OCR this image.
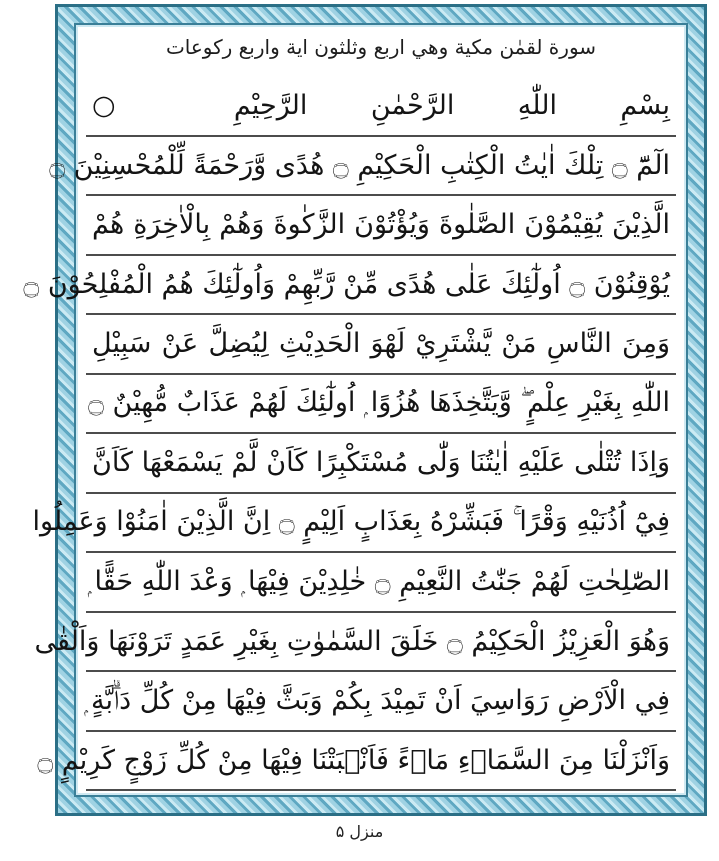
سورة لقمٰن مكية وهي اربع وثلثون اية واربع ركوعات
بِسْمِ اللّٰهِ الرَّحْمٰنِ الرَّحِيْمِ ○
الٓمّٓ ۝ تِلْكَ اٰيٰتُ الْكِتٰبِ الْحَكِيْمِ ۝ هُدًى وَّرَحْمَةً لِّلْمُحْسِنِيْنَ ۝
الَّذِيْنَ يُقِيْمُوْنَ الصَّلٰوةَ وَيُؤْتُوْنَ الزَّكٰوةَ وَهُمْ بِالْاٰخِرَةِ هُمْ
يُوْقِنُوْنَ ۝ اُولٰٓئِكَ عَلٰى هُدًى مِّنْ رَّبِّهِمْ وَاُولٰٓئِكَ هُمُ الْمُفْلِحُوْنَ ۝
وَمِنَ النَّاسِ مَنْ يَّشْتَرِيْ لَهْوَ الْحَدِيْثِ لِيُضِلَّ عَنْ سَبِيْلِ
اللّٰهِ بِغَيْرِ عِلْمٍ ۖ وَّيَتَّخِذَهَا هُزُوًا ۭ اُولٰٓئِكَ لَهُمْ عَذَابٌ مُّهِيْنٌ ۝
وَاِذَا تُتْلٰى عَلَيْهِ اٰيٰتُنَا وَلّٰى مُسْتَكْبِرًا كَاَنْ لَّمْ يَسْمَعْهَا كَاَنَّ
فِيْٓ اُذُنَيْهِ وَقْرًا ۚ فَبَشِّرْهُ بِعَذَابٍ اَلِيْمٍ ۝ اِنَّ الَّذِيْنَ اٰمَنُوْا وَعَمِلُوا
الصّٰلِحٰتِ لَهُمْ جَنّٰتُ النَّعِيْمِ ۝ خٰلِدِيْنَ فِيْهَا ۭ وَعْدَ اللّٰهِ حَقًّا ۭ
وَهُوَ الْعَزِيْزُ الْحَكِيْمُ ۝ خَلَقَ السَّمٰوٰتِ بِغَيْرِ عَمَدٍ تَرَوْنَهَا وَاَلْقٰى
فِي الْاَرْضِ رَوَاسِيَ اَنْ تَمِيْدَ بِكُمْ وَبَثَّ فِيْهَا مِنْ كُلِّ دَاۗبَّةٍ ۭ
وَاَنْزَلْنَا مِنَ السَّمَاۗءِ مَاۗءً فَاَنْۢبَتْنَا فِيْهَا مِنْ كُلِّ زَوْجٍ كَرِيْمٍ ۝
منزل ۵
